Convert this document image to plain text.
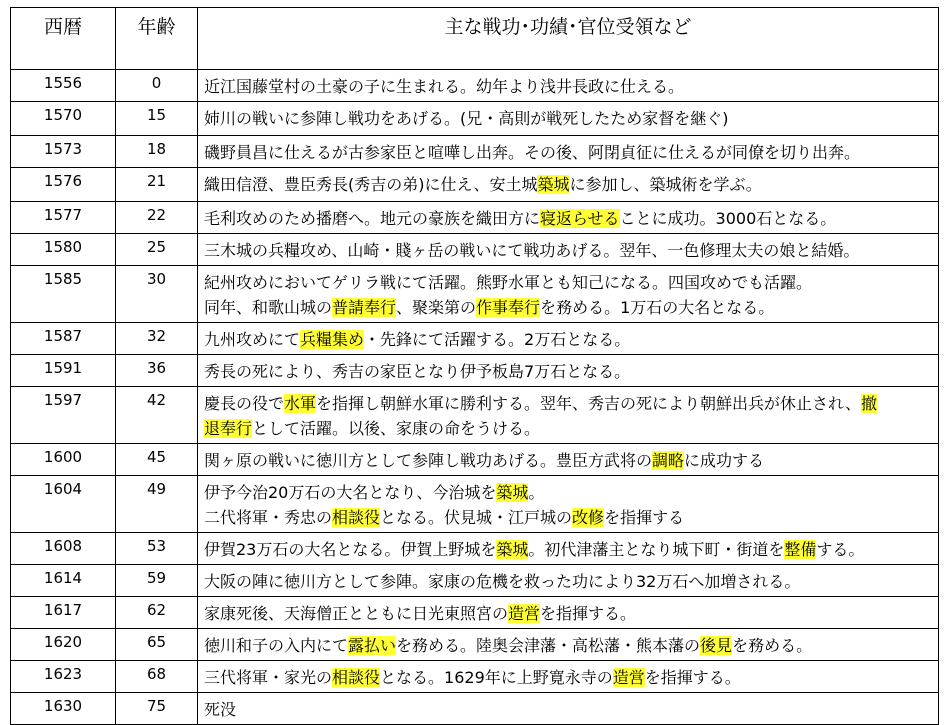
西暦	年齢	主な戦功･功績･官位受領など
1556	0	近江国藤堂村の土豪の子に生まれる。幼年より浅井長政に仕える。

1570	15	姉川の戦いに参陣し戦功をあげる。(兄・高則が戦死したため家督を継ぐ)

1573	18	磯野員昌に仕えるが古参家臣と喧嘩し出奔。その後、阿閉貞征に仕えるが同僚を切り出奔。

1576	21	織田信澄、豊臣秀長(秀吉の弟)に仕え、安土城築城に参加し、築城術を学ぶ。

1577	22	毛利攻めのため播磨へ。地元の豪族を織田方に寝返らせることに成功。3000石となる。

1580	25	三木城の兵糧攻め、山崎・賤ヶ岳の戦いにて戦功あげる。翌年、一色修理太夫の娘と結婚。

1585	30	紀州攻めにおいてゲリラ戦にて活躍。熊野水軍とも知己になる。四国攻めでも活躍。
同年、和歌山城の普請奉行、聚楽第の作事奉行を務める。1万石の大名となる。

1587	32	九州攻めにて兵糧集め・先鋒にて活躍する。2万石となる。

1591	36	秀長の死により、秀吉の家臣となり伊予板島7万石となる。

1597	42	慶長の役で水軍を指揮し朝鮮水軍に勝利する。翌年、秀吉の死により朝鮮出兵が休止され、撤
退奉行として活躍。以後、家康の命をうける。

1600	45	関ヶ原の戦いに徳川方として参陣し戦功あげる。豊臣方武将の調略に成功する

1604	49	伊予今治20万石の大名となり、今治城を築城。
二代将軍・秀忠の相談役となる。伏見城・江戸城の改修を指揮する

1608	53	伊賀23万石の大名となる。伊賀上野城を築城。初代津藩主となり城下町・街道を整備する。

1614	59	大阪の陣に徳川方として参陣。家康の危機を救った功により32万石へ加増される。

1617	62	家康死後、天海僧正とともに日光東照宮の造営を指揮する。

1620	65	徳川和子の入内にて露払いを務める。陸奥会津藩・高松藩・熊本藩の後見を務める。

1623	68	三代将軍・家光の相談役となる。1629年に上野寛永寺の造営を指揮する。

1630	75	死没
